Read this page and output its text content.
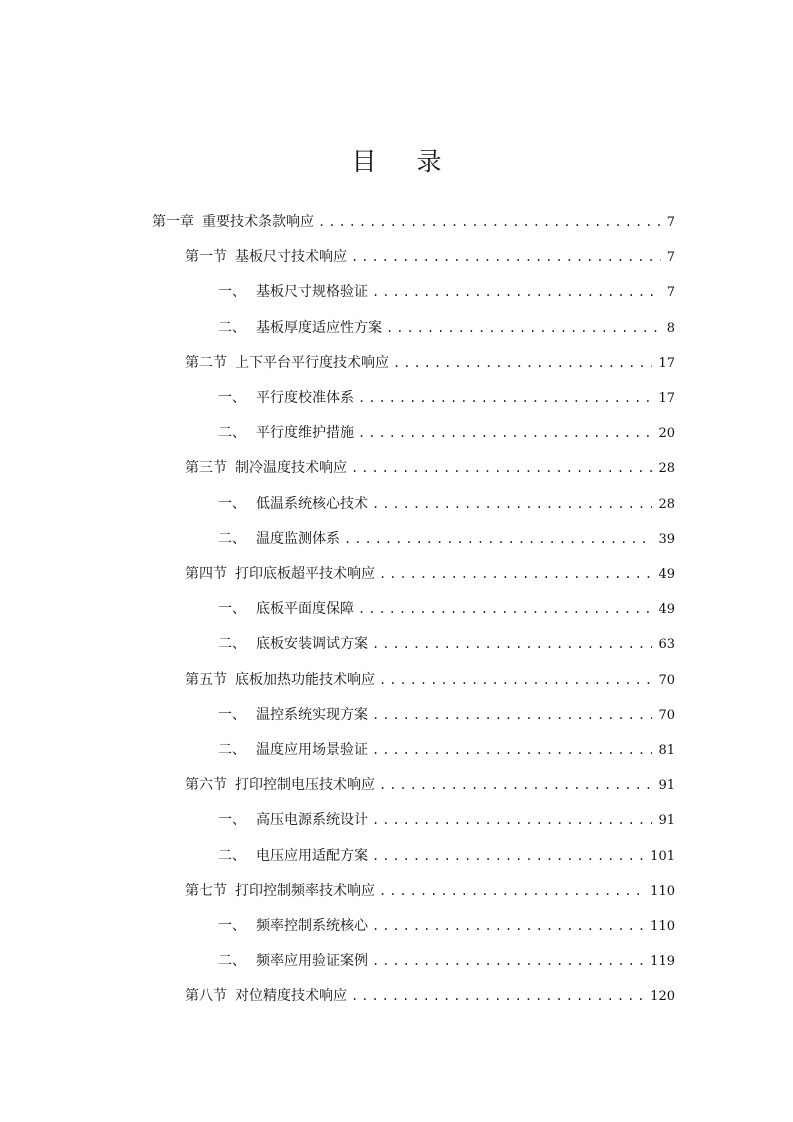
目 录
第一章 重要技术条款响应 .....	7
第一节 基板尺寸技术响应 .....	7
一、 基板尺寸规格验证 .....	7
二、 基板厚度适应性方案 .....	8
第二节 上下平台平行度技术响应 .....	17
一、 平行度校准体系 .....	17
二、 平行度维护措施 .....	20
第三节 制冷温度技术响应 .....	28
一、 低温系统核心技术 .....	28
二、 温度监测体系 .....	39
第四节 打印底板超平技术响应 .....	49
一、 底板平面度保障 .....	49
二、 底板安装调试方案 .....	63
第五节 底板加热功能技术响应 .....	70
一、 温控系统实现方案 .....	70
二、 温度应用场景验证 .....	81
第六节 打印控制电压技术响应 .....	91
一、 高压电源系统设计 .....	91
二、 电压应用适配方案 .....	101
第七节 打印控制频率技术响应 .....	110
一、 频率控制系统核心 .....	110
二、 频率应用验证案例 .....	119
第八节 对位精度技术响应 .....	120
